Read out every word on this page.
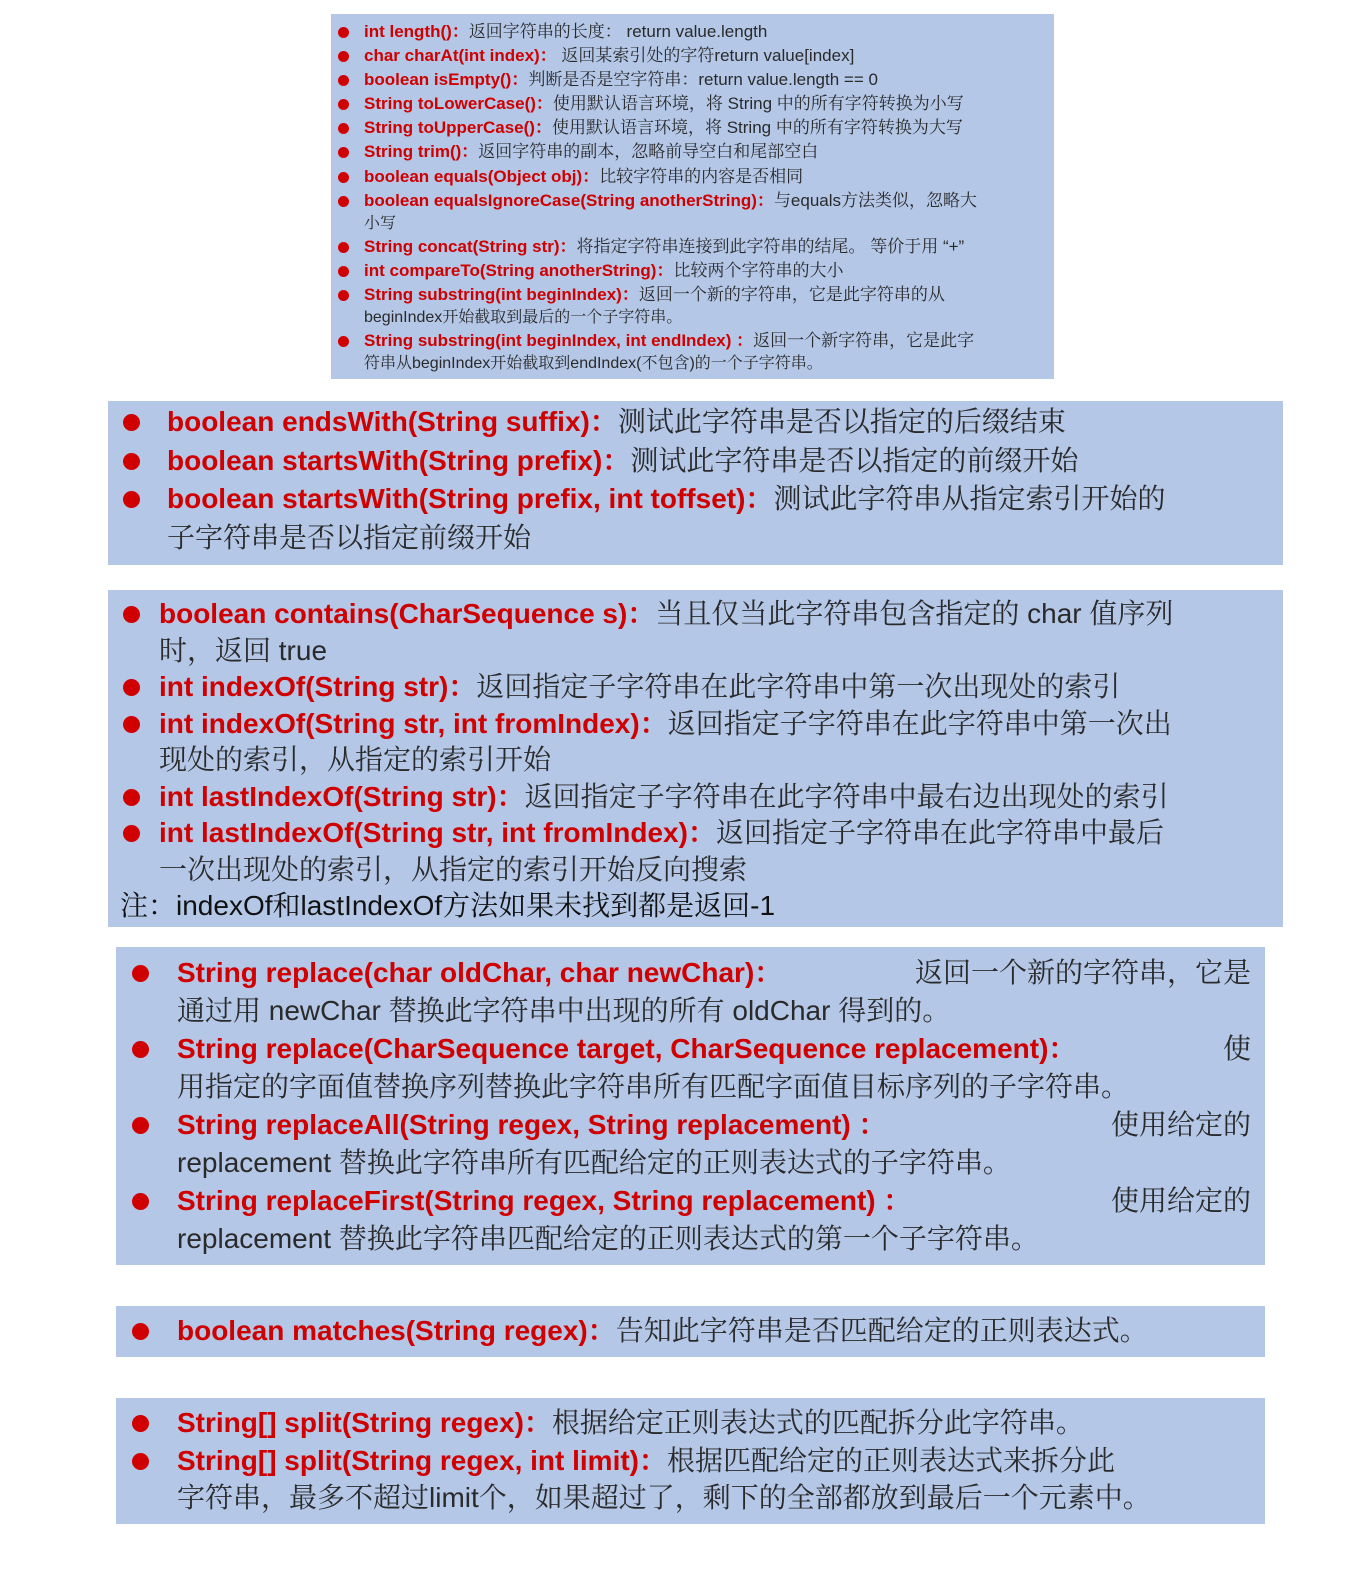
int length()：返回字符串的长度： return value.length
char charAt(int index)： 返回某索引处的字符return value[index]
boolean isEmpty()：判断是否是空字符串：return value.length == 0
String toLowerCase()：使用默认语言环境，将 String 中的所有字符转换为小写
String toUpperCase()：使用默认语言环境，将 String 中的所有字符转换为大写
String trim()：返回字符串的副本，忽略前导空白和尾部空白
boolean equals(Object obj)：比较字符串的内容是否相同
boolean equalsIgnoreCase(String anotherString)：与equals方法类似，忽略大
小写
String concat(String str)：将指定字符串连接到此字符串的结尾。 等价于用 “+”
int compareTo(String anotherString)：比较两个字符串的大小
String substring(int beginIndex)：返回一个新的字符串，它是此字符串的从
beginIndex开始截取到最后的一个子字符串。
String substring(int beginIndex, int endIndex) ：返回一个新字符串，它是此字
符串从beginIndex开始截取到endIndex(不包含)的一个子字符串。
boolean endsWith(String suffix)：测试此字符串是否以指定的后缀结束
boolean startsWith(String prefix)：测试此字符串是否以指定的前缀开始
boolean startsWith(String prefix, int toffset)：测试此字符串从指定索引开始的
子字符串是否以指定前缀开始
boolean contains(CharSequence s)：当且仅当此字符串包含指定的 char 值序列
时，返回 true
int indexOf(String str)：返回指定子字符串在此字符串中第一次出现处的索引
int indexOf(String str, int fromIndex)：返回指定子字符串在此字符串中第一次出
现处的索引，从指定的索引开始
int lastIndexOf(String str)：返回指定子字符串在此字符串中最右边出现处的索引
int lastIndexOf(String str, int fromIndex)：返回指定子字符串在此字符串中最后
一次出现处的索引，从指定的索引开始反向搜索
注：indexOf和lastIndexOf方法如果未找到都是返回-1
String replace(char oldChar, char newChar)：	返回一个新的字符串，它是
通过用 newChar 替换此字符串中出现的所有 oldChar 得到的。
String replace(CharSequence target, CharSequence replacement)：	使
用指定的字面值替换序列替换此字符串所有匹配字面值目标序列的子字符串。
String replaceAll(String regex, String replacement) ：	使用给定的
replacement 替换此字符串所有匹配给定的正则表达式的子字符串。
String replaceFirst(String regex, String replacement) ：	使用给定的
replacement 替换此字符串匹配给定的正则表达式的第一个子字符串。
boolean matches(String regex)：告知此字符串是否匹配给定的正则表达式。
String[] split(String regex)：根据给定正则表达式的匹配拆分此字符串。
String[] split(String regex, int limit)：根据匹配给定的正则表达式来拆分此
字符串，最多不超过limit个，如果超过了，剩下的全部都放到最后一个元素中。
